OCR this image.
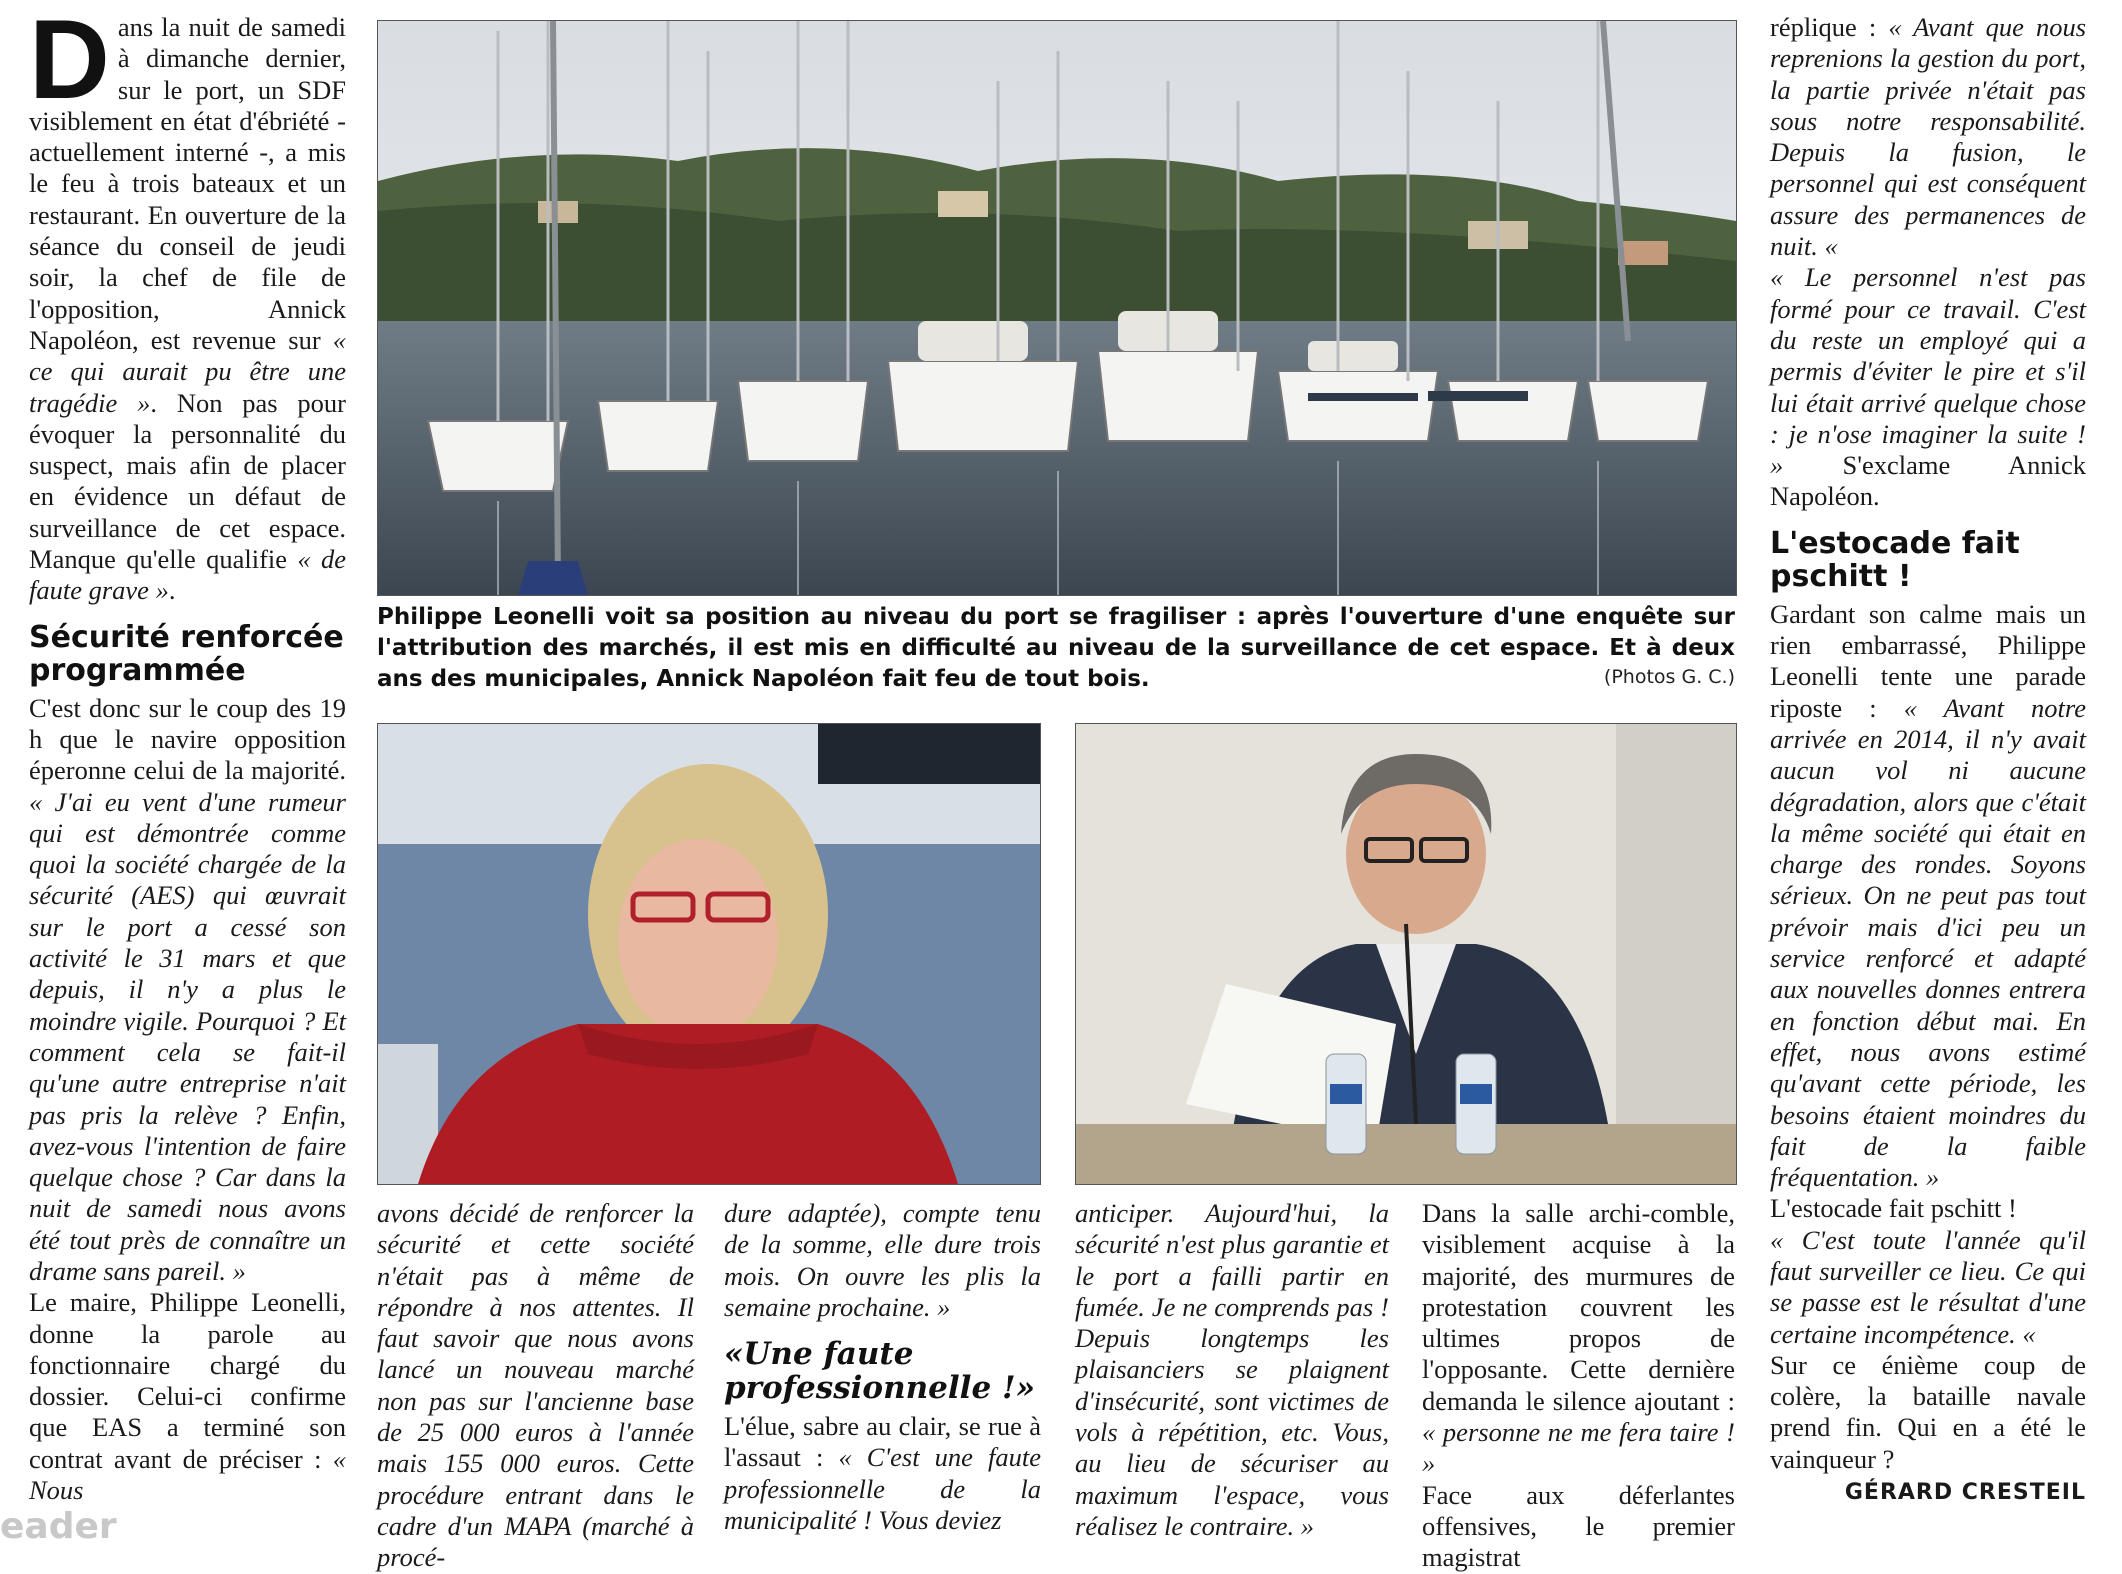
Dans la nuit de samedi à dimanche dernier, sur le port, un SDF visiblement en état d'ébriété - actuellement interné -, a mis le feu à trois bateaux et un restaurant. En ouverture de la séance du conseil de jeudi soir, la chef de file de l'opposition, Annick Napoléon, est revenue sur « ce qui aurait pu être une tragédie ». Non pas pour évoquer la personnalité du suspect, mais afin de placer en évidence un défaut de surveillance de cet espace. Manque qu'elle qualifie « de faute grave ».

Sécurité renforcée programmée

C'est donc sur le coup des 19 h que le navire opposition éperonne celui de la majorité. « J'ai eu vent d'une rumeur qui est démontrée comme quoi la société chargée de la sécurité (AES) qui œuvrait sur le port a cessé son activité le 31 mars et que depuis, il n'y a plus le moindre vigile. Pourquoi ? Et comment cela se fait-il qu'une autre entreprise n'ait pas pris la relève ? Enfin, avez-vous l'intention de faire quelque chose ? Car dans la nuit de samedi nous avons été tout près de connaître un drame sans pareil. »

Le maire, Philippe Leonelli, donne la parole au fonctionnaire chargé du dossier. Celui-ci confirme que EAS a terminé son contrat avant de préciser : « Nous

Philippe Leonelli voit sa position au niveau du port se fragiliser : après l'ouverture d'une enquête sur l'attribution des marchés, il est mis en difficulté au niveau de la surveillance de cet espace. Et à deux ans des municipales, Annick Napoléon fait feu de tout bois.	(Photos G. C.)

avons décidé de renforcer la sécurité et cette société n'était pas à même de répondre à nos attentes. Il faut savoir que nous avons lancé un nouveau marché non pas sur l'ancienne base de 25 000 euros à l'année mais 155 000 euros. Cette procédure entrant dans le cadre d'un MAPA (marché à procé-

dure adaptée), compte tenu de la somme, elle dure trois mois. On ouvre les plis la semaine prochaine. »

«Une faute professionnelle !»

L'élue, sabre au clair, se rue à l'assaut : « C'est une faute professionnelle de la municipalité ! Vous deviez

anticiper. Aujourd'hui, la sécurité n'est plus garantie et le port a failli partir en fumée. Je ne comprends pas ! Depuis longtemps les plaisanciers se plaignent d'insécurité, sont victimes de vols à répétition, etc. Vous, au lieu de sécuriser au maximum l'espace, vous réalisez le contraire. »

Dans la salle archi-comble, visiblement acquise à la majorité, des murmures de protestation couvrent les ultimes propos de l'opposante. Cette dernière demanda le silence ajoutant : « personne ne me fera taire ! »

Face aux déferlantes offensives, le premier magistrat

réplique : « Avant que nous reprenions la gestion du port, la partie privée n'était pas sous notre responsabilité. Depuis la fusion, le personnel qui est conséquent assure des permanences de nuit. «

« Le personnel n'est pas formé pour ce travail. C'est du reste un employé qui a permis d'éviter le pire et s'il lui était arrivé quelque chose : je n'ose imaginer la suite ! » S'exclame Annick Napoléon.

L'estocade fait pschitt !

Gardant son calme mais un rien embarrassé, Philippe Leonelli tente une parade riposte : « Avant notre arrivée en 2014, il n'y avait aucun vol ni aucune dégradation, alors que c'était la même société qui était en charge des rondes. Soyons sérieux. On ne peut pas tout prévoir mais d'ici peu un service renforcé et adapté aux nouvelles donnes entrera en fonction début mai. En effet, nous avons estimé qu'avant cette période, les besoins étaient moindres du fait de la faible fréquentation. »

L'estocade fait pschitt !

« C'est toute l'année qu'il faut surveiller ce lieu. Ce qui se passe est le résultat d'une certaine incompétence. «

Sur ce énième coup de colère, la bataille navale prend fin. Qui en a été le vainqueur ?

GÉRARD CRESTEIL
eader
